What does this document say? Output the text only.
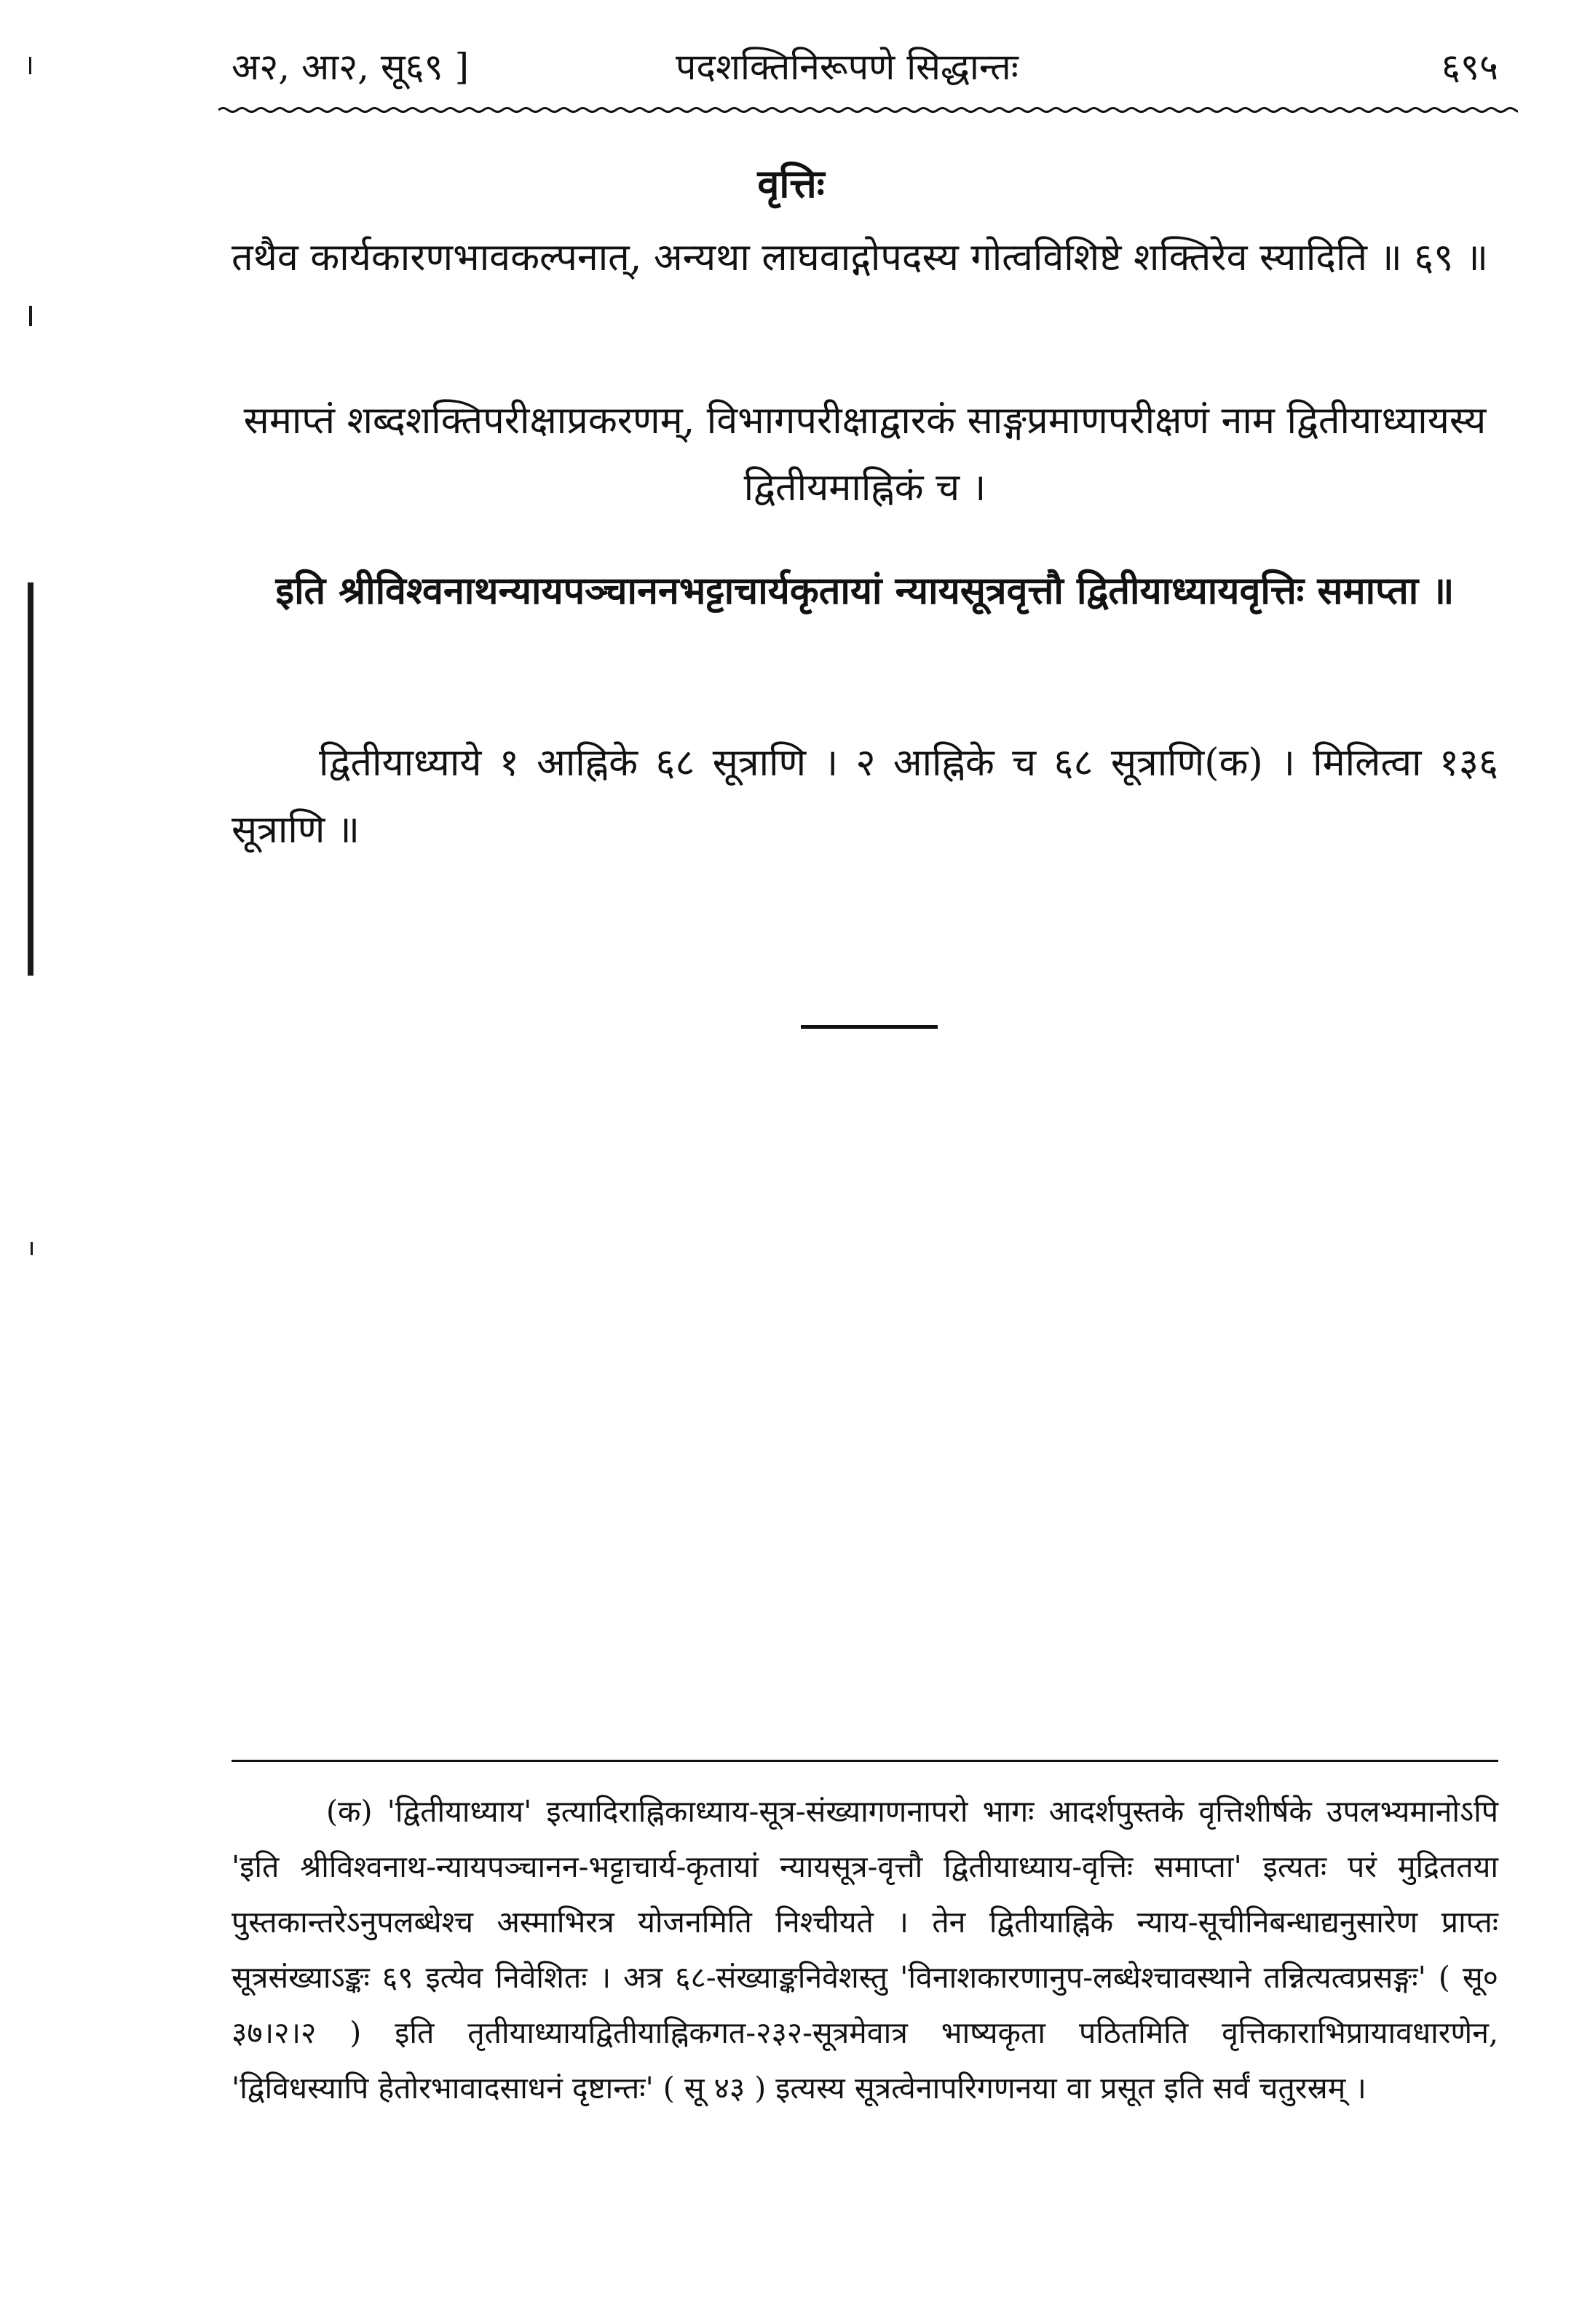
अ२, आ२, सू६९ ]	पदशक्तिनिरूपणे सिद्धान्तः	६९५
वृत्तिः
तथैव कार्यकारणभावकल्पनात्, अन्यथा लाघवाद्गोपदस्य गोत्वविशिष्टे शक्तिरेव स्यादिति ॥ ६९ ॥
समाप्तं शब्दशक्तिपरीक्षाप्रकरणम्, विभागपरीक्षाद्वारकं साङ्गप्रमाणपरीक्षणं नाम द्वितीयाध्यायस्य द्वितीयमाह्निकं च ।
इति श्रीविश्वनाथन्यायपञ्चाननभट्टाचार्यकृतायां न्यायसूत्रवृत्तौ द्वितीयाध्यायवृत्तिः समाप्ता ॥
द्वितीयाध्याये १ आह्निके ६८ सूत्राणि । २ आह्निके च ६८ सूत्राणि(क) । मिलित्वा १३६ सूत्राणि ॥
(क) 'द्वितीयाध्याय' इत्यादिराह्निकाध्याय-सूत्र-संख्यागणनापरो भागः आदर्शपुस्तके वृत्तिशीर्षके उपलभ्यमानोऽपि 'इति श्रीविश्वनाथ-न्यायपञ्चानन-भट्टाचार्य-कृतायां न्यायसूत्र-वृत्तौ द्वितीयाध्याय-वृत्तिः समाप्ता' इत्यतः परं मुद्रिततया पुस्तकान्तरेऽनुपलब्धेश्च अस्माभिरत्र योजनमिति निश्चीयते । तेन द्वितीयाह्निके न्याय-सूचीनिबन्धाद्यनुसारेण प्राप्तः सूत्रसंख्याऽङ्कः ६९ इत्येव निवेशितः । अत्र ६८-संख्याङ्कनिवेशस्तु 'विनाशकारणानुप-लब्धेश्चावस्थाने तन्नित्यत्वप्रसङ्गः' ( सू० ३७।२।२ ) इति तृतीयाध्यायद्वितीयाह्निकगत-२३२-सूत्रमेवात्र भाष्यकृता पठितमिति वृत्तिकाराभिप्रायावधारणेन, 'द्विविधस्यापि हेतोरभावादसाधनं दृष्टान्तः' ( सू ४३ ) इत्यस्य सूत्रत्वेनापरिगणनया वा प्रसूत इति सर्वं चतुरस्रम् ।
